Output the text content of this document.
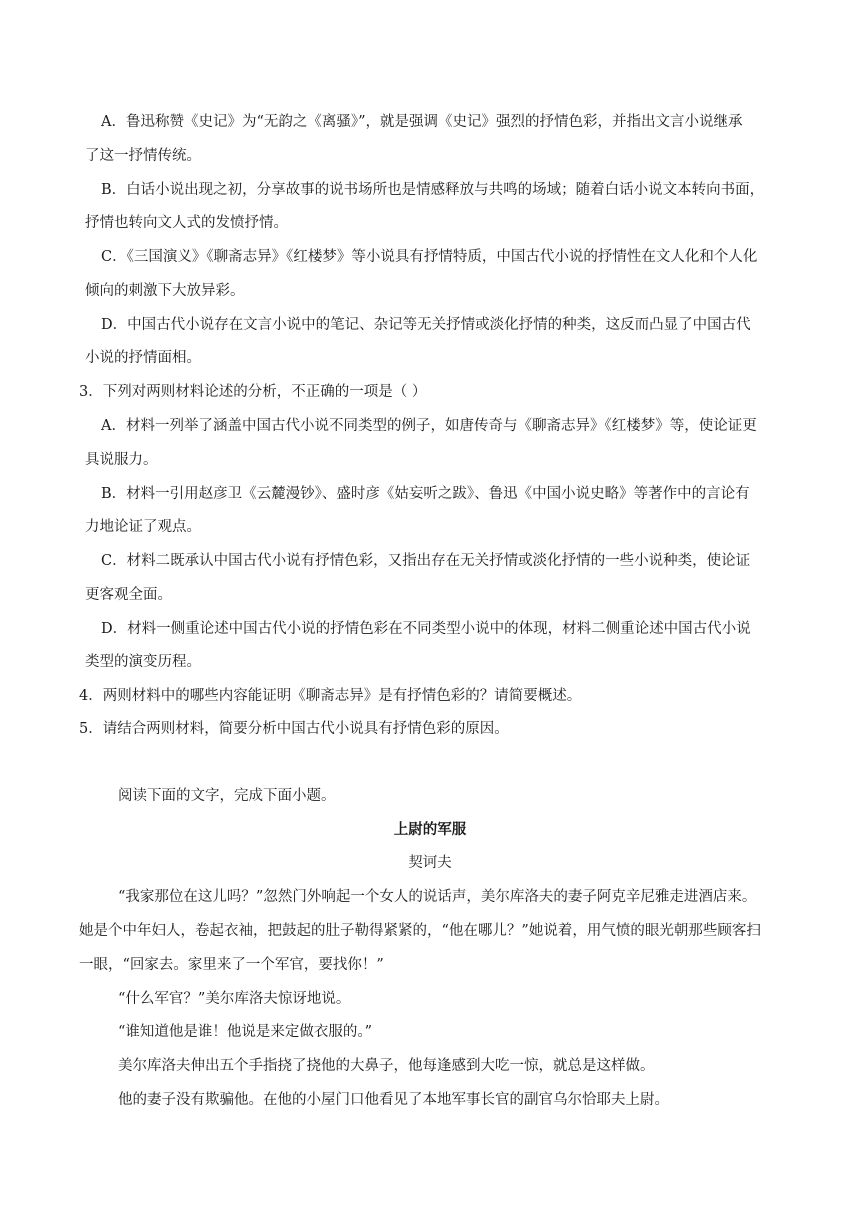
A．鲁迅称赞《史记》为“无韵之《离骚》”，就是强调《史记》强烈的抒情色彩，并指出文言小说继承
了这一抒情传统。
B．白话小说出现之初，分享故事的说书场所也是情感释放与共鸣的场域；随着白话小说文本转向书面，
抒情也转向文人式的发愤抒情。
C．《三国演义》《聊斋志异》《红楼梦》等小说具有抒情特质，中国古代小说的抒情性在文人化和个人化
倾向的刺激下大放异彩。
D．中国古代小说存在文言小说中的笔记、杂记等无关抒情或淡化抒情的种类，这反而凸显了中国古代
小说的抒情面相。
3．下列对两则材料论述的分析，不正确的一项是（ ）
A．材料一列举了涵盖中国古代小说不同类型的例子，如唐传奇与《聊斋志异》《红楼梦》等，使论证更
具说服力。
B．材料一引用赵彦卫《云麓漫钞》、盛时彦《姑妄听之跋》、鲁迅《中国小说史略》等著作中的言论有
力地论证了观点。
C．材料二既承认中国古代小说有抒情色彩，又指出存在无关抒情或淡化抒情的一些小说种类，使论证
更客观全面。
D．材料一侧重论述中国古代小说的抒情色彩在不同类型小说中的体现，材料二侧重论述中国古代小说
类型的演变历程。
4．两则材料中的哪些内容能证明《聊斋志异》是有抒情色彩的？请简要概述。
5．请结合两则材料，简要分析中国古代小说具有抒情色彩的原因。
阅读下面的文字，完成下面小题。
上尉的军服
契诃夫
“我家那位在这儿吗？”忽然门外响起一个女人的说话声，美尔库洛夫的妻子阿克辛尼雅走进酒店来。
她是个中年妇人，卷起衣袖，把鼓起的肚子勒得紧紧的，“他在哪儿？”她说着，用气愤的眼光朝那些顾客扫
一眼，“回家去。家里来了一个军官，要找你！”
“什么军官？”美尔库洛夫惊讶地说。
“谁知道他是谁！他说是来定做衣服的。”
美尔库洛夫伸出五个手指挠了挠他的大鼻子，他每逢感到大吃一惊，就总是这样做。
他的妻子没有欺骗他。在他的小屋门口他看见了本地军事长官的副官乌尔恰耶夫上尉。
